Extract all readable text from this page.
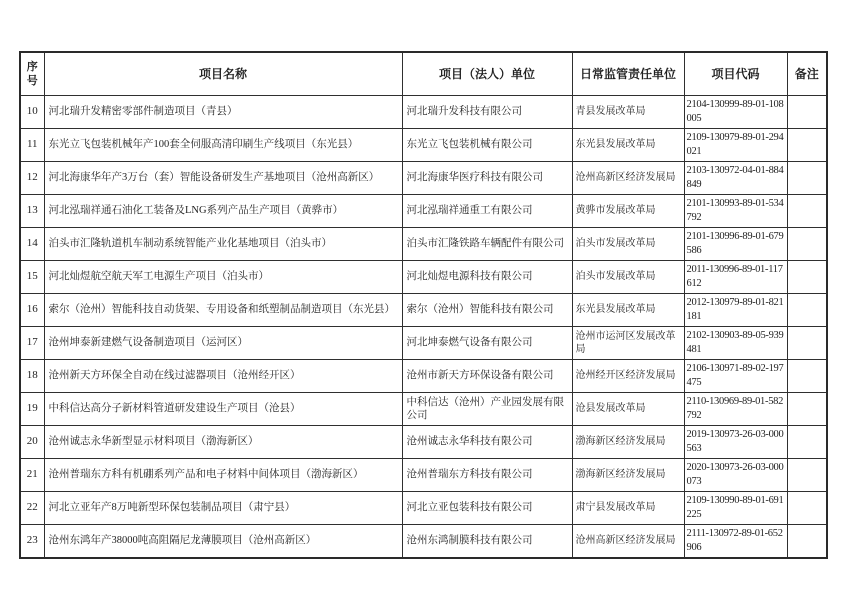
序号	项目名称	项目（法人）单位	日常监管责任单位	项目代码	备注
10	河北瑞升发精密零部件制造项目（青县）	河北瑞升发科技有限公司	青县发展改革局	2104-130999-89-01-108005	
11	东光立飞包装机械年产100套全伺服高清印刷生产线项目（东光县）	东光立飞包装机械有限公司	东光县发展改革局	2109-130979-89-01-294021	
12	河北海康华年产3万台（套）智能设备研发生产基地项目（沧州高新区）	河北海康华医疗科技有限公司	沧州高新区经济发展局	2103-130972-04-01-884849	
13	河北泓瑞祥通石油化工装备及LNG系列产品生产项目（黄骅市）	河北泓瑞祥通重工有限公司	黄骅市发展改革局	2101-130993-89-01-534792	
14	泊头市汇隆轨道机车制动系统智能产业化基地项目（泊头市）	泊头市汇隆铁路车辆配件有限公司	泊头市发展改革局	2101-130996-89-01-679586	
15	河北灿煜航空航天军工电源生产项目（泊头市）	河北灿煜电源科技有限公司	泊头市发展改革局	2011-130996-89-01-117612	
16	索尔（沧州）智能科技自动货架、专用设备和纸塑制品制造项目（东光县）	索尔（沧州）智能科技有限公司	东光县发展改革局	2012-130979-89-01-821181	
17	沧州坤泰新建燃气设备制造项目（运河区）	河北坤泰燃气设备有限公司	沧州市运河区发展改革局	2102-130903-89-05-939481	
18	沧州新天方环保全自动在线过滤器项目（沧州经开区）	沧州市新天方环保设备有限公司	沧州经开区经济发展局	2106-130971-89-02-197475	
19	中科信达高分子新材料管道研发建设生产项目（沧县）	中科信达（沧州）产业园发展有限公司	沧县发展改革局	2110-130969-89-01-582792	
20	沧州诚志永华新型显示材料项目（渤海新区）	沧州诚志永华科技有限公司	渤海新区经济发展局	2019-130973-26-03-000563	
21	沧州普瑞东方科有机硼系列产品和电子材料中间体项目（渤海新区）	沧州普瑞东方科技有限公司	渤海新区经济发展局	2020-130973-26-03-000073	
22	河北立亚年产8万吨新型环保包装制品项目（肃宁县）	河北立亚包装科技有限公司	肃宁县发展改革局	2109-130990-89-01-691225	
23	沧州东鸿年产38000吨高阻隔尼龙薄膜项目（沧州高新区）	沧州东鸿制膜科技有限公司	沧州高新区经济发展局	2111-130972-89-01-652906	
